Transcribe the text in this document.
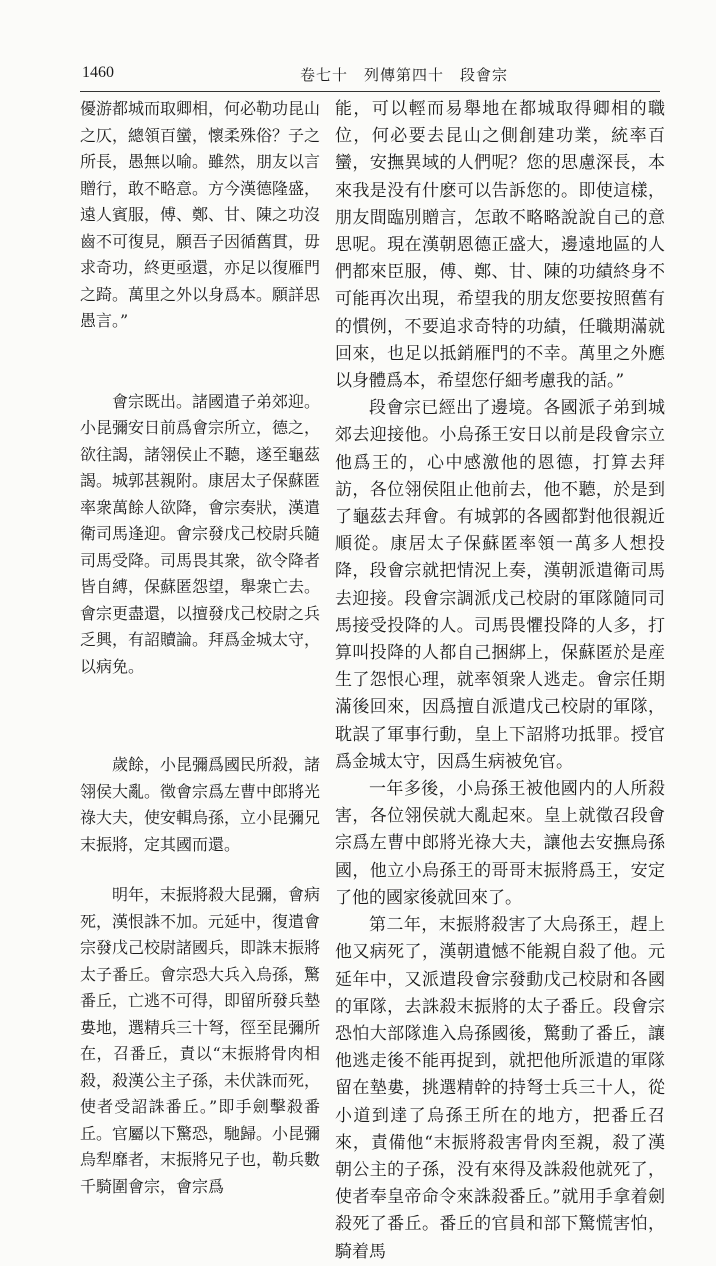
1460	卷七十　列傳第四十　段會宗

優游都城而取卿相，何必勒功昆山之仄，總領百蠻，懷柔殊俗？子之所長，愚無以喻。雖然，朋友以言贈行，敢不略意。方今漢德隆盛，遠人賓服，傅、鄭、甘、陳之功沒齒不可復見，願吾子因循舊貫，毋求奇功，終更亟還，亦足以復雁門之踦。萬里之外以身爲本。願詳思愚言。”

會宗既出。諸國遣子弟郊迎。小昆彌安日前爲會宗所立，德之，欲往謁，諸翎侯止不聽，遂至龜茲謁。城郭甚親附。康居太子保蘇匿率衆萬餘人欲降，會宗奏狀，漢遣衛司馬逢迎。會宗發戊己校尉兵隨司馬受降。司馬畏其衆，欲令降者皆自縛，保蘇匿怨望，舉衆亡去。會宗更盡還，以擅發戊己校尉之兵乏興，有詔贖論。拜爲金城太守，以病免。

歲餘，小昆彌爲國民所殺，諸翎侯大亂。徵會宗爲左曹中郎將光祿大夫，使安輯烏孫，立小昆彌兄末振將，定其國而還。

明年，末振將殺大昆彌，會病死，漢恨誅不加。元延中，復遣會宗發戊己校尉諸國兵，即誅末振將太子番丘。會宗恐大兵入烏孫，驚番丘，亡逃不可得，即留所發兵墊婁地，選精兵三十弩，徑至昆彌所在，召番丘，責以“末振將骨肉相殺，殺漢公主子孫，未伏誅而死，使者受詔誅番丘。”即手劍擊殺番丘。官屬以下驚恐，馳歸。小昆彌烏犁靡者，末振將兄子也，勒兵數千騎圍會宗，會宗爲

能，可以輕而易舉地在都城取得卿相的職位，何必要去昆山之側創建功業，統率百蠻，安撫異域的人們呢？您的思慮深長，本來我是没有什麽可以告訴您的。即使這樣，朋友間臨別贈言，怎敢不略略說說自己的意思呢。現在漢朝恩德正盛大，邊遠地區的人們都來臣服，傅、鄭、甘、陳的功績終身不可能再次出現，希望我的朋友您要按照舊有的慣例，不要追求奇特的功績，任職期滿就回來，也足以抵銷雁門的不幸。萬里之外應以身體爲本，希望您仔細考慮我的話。”

段會宗已經出了邊境。各國派子弟到城郊去迎接他。小烏孫王安日以前是段會宗立他爲王的，心中感激他的恩德，打算去拜訪，各位翎侯阻止他前去，他不聽，於是到了龜茲去拜會。有城郭的各國都對他很親近順從。康居太子保蘇匿率領一萬多人想投降，段會宗就把情況上奏，漢朝派遣衛司馬去迎接。段會宗調派戊己校尉的軍隊隨同司馬接受投降的人。司馬畏懼投降的人多，打算叫投降的人都自己捆綁上，保蘇匿於是産生了怨恨心理，就率領衆人逃走。會宗任期滿後回來，因爲擅自派遣戊己校尉的軍隊，耽誤了軍事行動，皇上下詔將功抵罪。授官爲金城太守，因爲生病被免官。

一年多後，小烏孫王被他國内的人所殺害，各位翎侯就大亂起來。皇上就徵召段會宗爲左曹中郎將光祿大夫，讓他去安撫烏孫國，他立小烏孫王的哥哥末振將爲王，安定了他的國家後就回來了。

第二年，末振將殺害了大烏孫王，趕上他又病死了，漢朝遺憾不能親自殺了他。元延年中，又派遣段會宗發動戊己校尉和各國的軍隊，去誅殺末振將的太子番丘。段會宗恐怕大部隊進入烏孫國後，驚動了番丘，讓他逃走後不能再捉到，就把他所派遣的軍隊留在墊婁，挑選精幹的持弩士兵三十人，從小道到達了烏孫王所在的地方，把番丘召來，責備他“末振將殺害骨肉至親，殺了漢朝公主的子孫，没有來得及誅殺他就死了，使者奉皇帝命令來誅殺番丘。”就用手拿着劍殺死了番丘。番丘的官員和部下驚慌害怕，騎着馬
